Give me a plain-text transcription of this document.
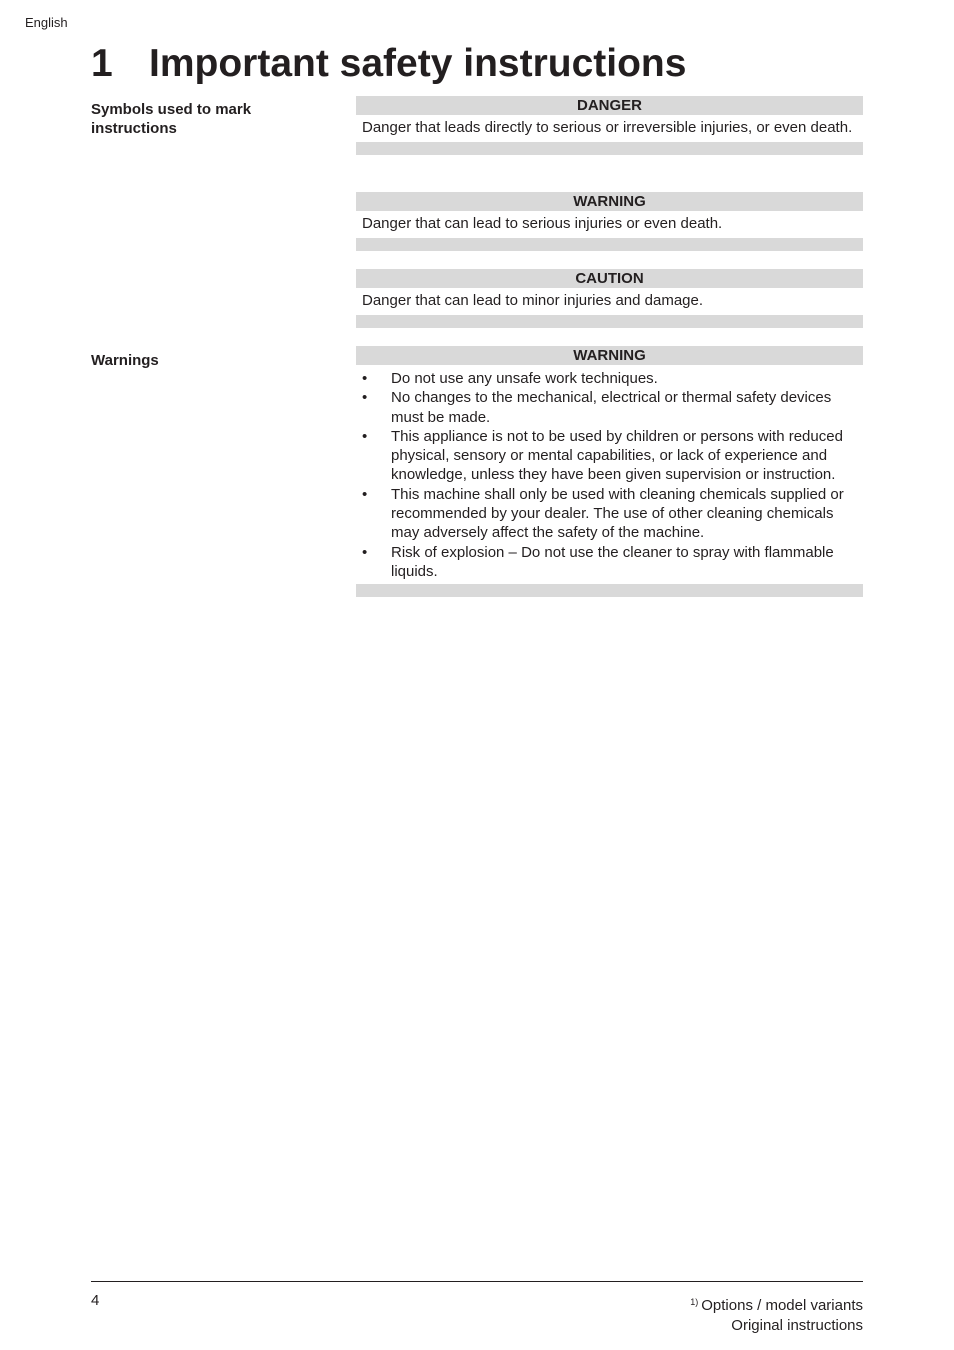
English
1 Important safety instructions
Symbols used to mark instructions
DANGER
Danger that leads directly to serious or irreversible injuries, or even death.
WARNING
Danger that can lead to serious injuries or even death.
CAUTION
Danger that can lead to minor injuries and damage.
Warnings	WARNING
• Do not use any unsafe work techniques.
• No changes to the mechanical, electrical or thermal safety devices must be made.
• This appliance is not to be used by children or persons with reduced physical, sensory or mental capabilities, or lack of experience and knowledge, unless they have been given supervision or instruction.
• This machine shall only be used with cleaning chemicals supplied or recommended by your dealer. The use of other cleaning chemicals may adversely affect the safety of the machine.
• Risk of explosion – Do not use the cleaner to spray with flammable liquids.
4	$^{1)}$ Options / model variants
Original instructions
